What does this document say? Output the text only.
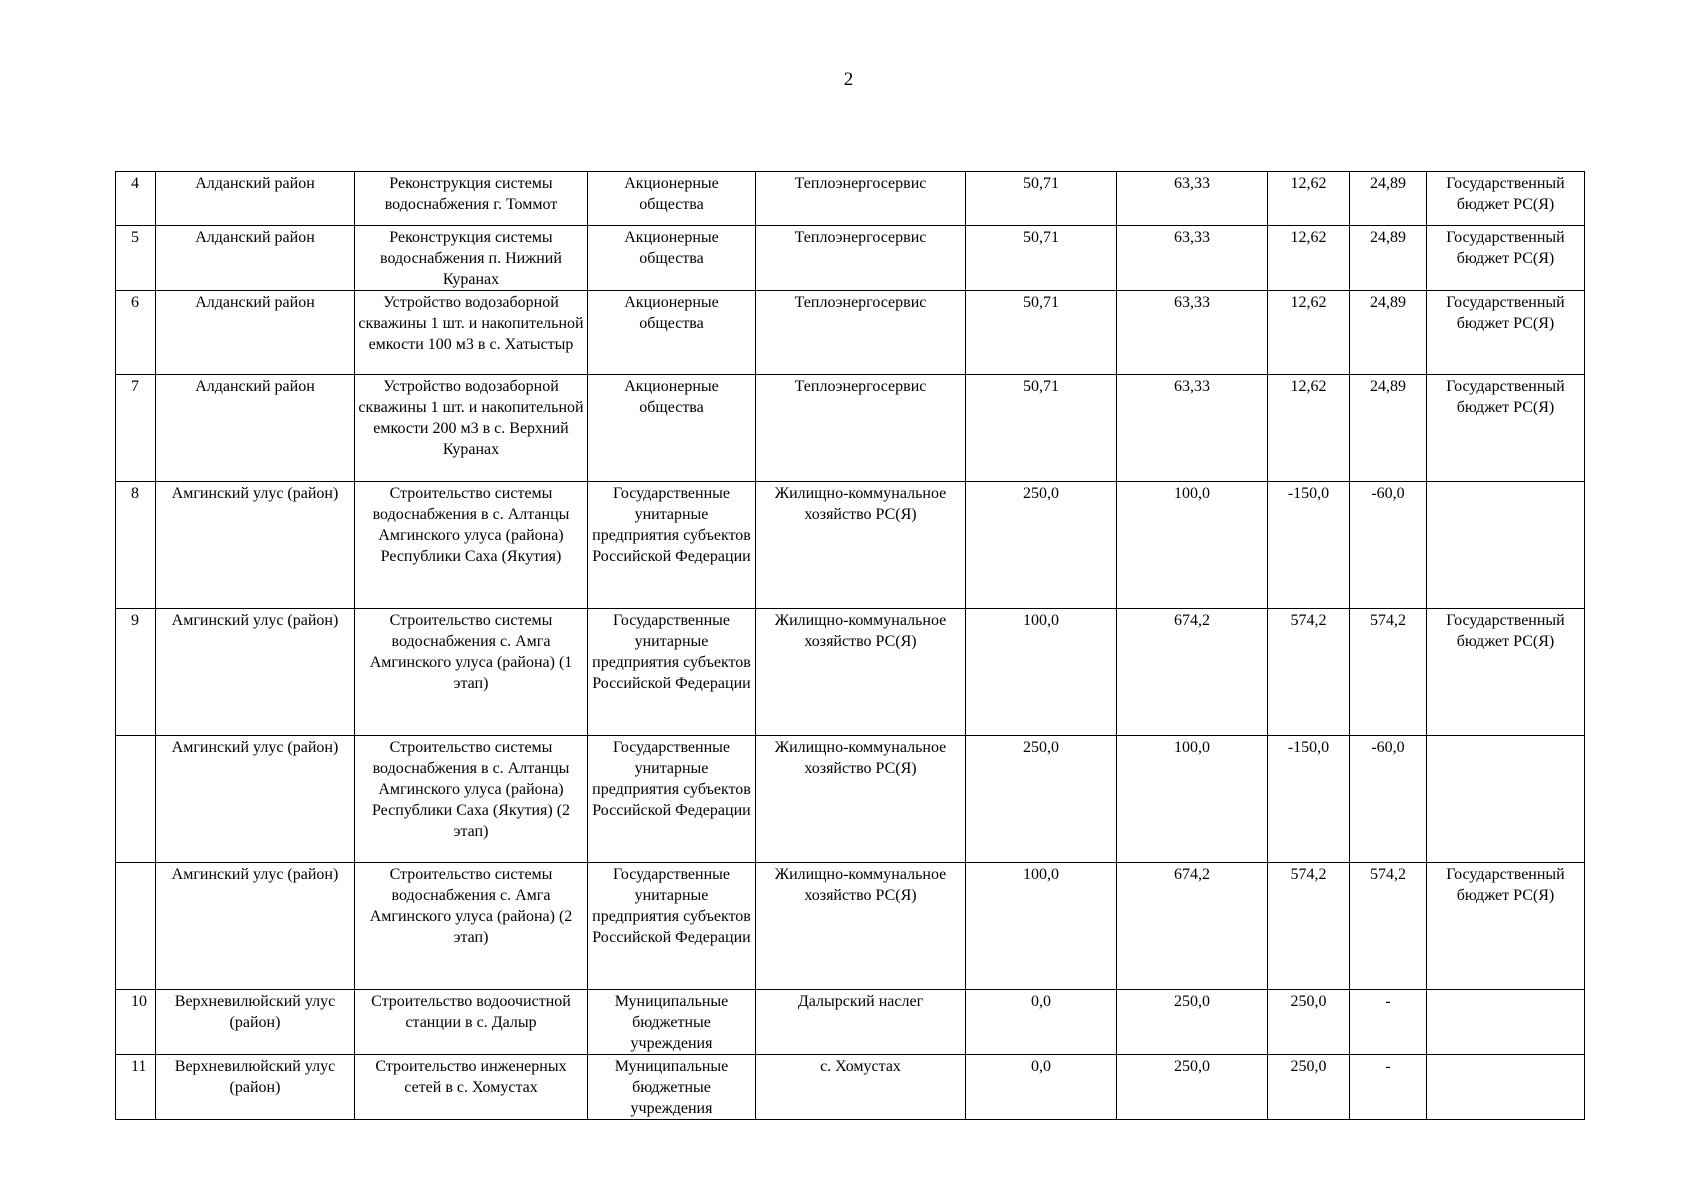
2
4	Алданский район	Реконструкция системы водоснабжения г. Томмот	Акционерные общества	Теплоэнергосервис	50,71	63,33	12,62	24,89	Государственный бюджет РС(Я)
5	Алданский район	Реконструкция системы водоснабжения п. Нижний Куранах	Акционерные общества	Теплоэнергосервис	50,71	63,33	12,62	24,89	Государственный бюджет РС(Я)
6	Алданский район	Устройство водозаборной скважины 1 шт. и накопительной емкости 100 м3 в с. Хатыстыр	Акционерные общества	Теплоэнергосервис	50,71	63,33	12,62	24,89	Государственный бюджет РС(Я)
7	Алданский район	Устройство водозаборной скважины 1 шт. и накопительной емкости 200 м3 в с. Верхний Куранах	Акционерные общества	Теплоэнергосервис	50,71	63,33	12,62	24,89	Государственный бюджет РС(Я)
8	Амгинский улус (район)	Строительство системы водоснабжения в с. Алтанцы Амгинского улуса (района) Республики Саха (Якутия)	Государственные унитарные предприятия субъектов Российской Федерации	Жилищно-коммунальное хозяйство РС(Я)	250,0	100,0	-150,0	-60,0	
9	Амгинский улус (район)	Строительство системы водоснабжения с. Амга Амгинского улуса (района) (1 этап)	Государственные унитарные предприятия субъектов Российской Федерации	Жилищно-коммунальное хозяйство РС(Я)	100,0	674,2	574,2	574,2	Государственный бюджет РС(Я)
	Амгинский улус (район)	Строительство системы водоснабжения в с. Алтанцы Амгинского улуса (района) Республики Саха (Якутия) (2 этап)	Государственные унитарные предприятия субъектов Российской Федерации	Жилищно-коммунальное хозяйство РС(Я)	250,0	100,0	-150,0	-60,0	
	Амгинский улус (район)	Строительство системы водоснабжения с. Амга Амгинского улуса (района) (2 этап)	Государственные унитарные предприятия субъектов Российской Федерации	Жилищно-коммунальное хозяйство РС(Я)	100,0	674,2	574,2	574,2	Государственный бюджет РС(Я)
10	Верхневилюйский улус (район)	Строительство водоочистной станции в с. Далыр	Муниципальные бюджетные учреждения	Далырский наслег	0,0	250,0	250,0	-	
11	Верхневилюйский улус (район)	Строительство инженерных сетей в с. Хомустах	Муниципальные бюджетные учреждения	с. Хомустах	0,0	250,0	250,0	-	
